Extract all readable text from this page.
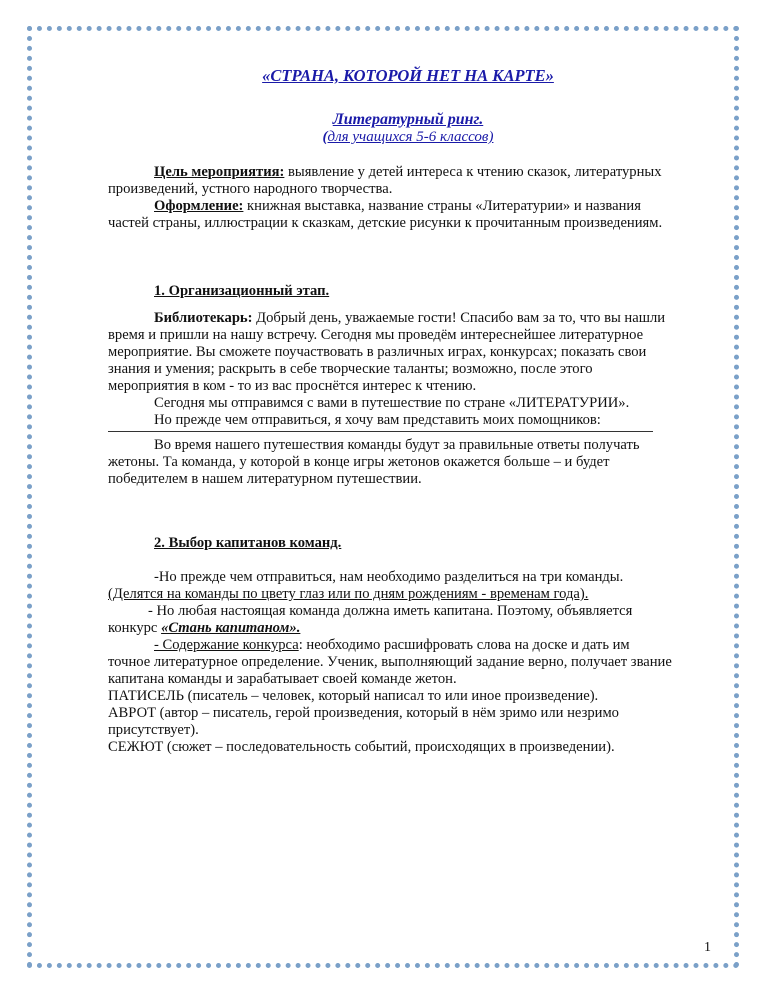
«СТРАНА, КОТОРОЙ НЕТ НА КАРТЕ»
Литературный ринг.
(для учащихся 5-6 классов)
Цель мероприятия: выявление у детей интереса к чтению сказок, литературных
произведений, устного народного творчества.
Оформление: книжная выставка, название страны «Литературии» и названия
частей страны, иллюстрации к сказкам, детские рисунки к прочитанным произведениям.
1. Организационный этап.
Библиотекарь: Добрый день, уважаемые гости! Спасибо вам за то, что вы нашли
время и пришли на нашу встречу. Сегодня мы проведём интереснейшее литературное
мероприятие. Вы сможете поучаствовать в различных играх, конкурсах; показать свои
знания и умения; раскрыть в себе творческие таланты; возможно, после этого
мероприятия в ком - то из вас проснётся интерес к чтению.
Сегодня мы отправимся с вами в путешествие по стране «ЛИТЕРАТУРИИ».
Но прежде чем отправиться, я хочу вам представить моих помощников:
Во время нашего путешествия команды будут за правильные ответы получать
жетоны. Та команда, у которой в конце игры жетонов окажется больше – и будет
победителем в нашем литературном путешествии.
2. Выбор капитанов команд.
-Но прежде чем отправиться, нам необходимо разделиться на три команды.
(Делятся на команды по цвету глаз или по дням рождениям - временам года).
- Но любая настоящая команда должна иметь капитана. Поэтому, объявляется
конкурс «Стань капитаном».
- Содержание конкурса: необходимо расшифровать слова на доске и дать им
точное литературное определение. Ученик, выполняющий задание верно, получает звание
капитана команды и зарабатывает своей команде жетон.
ПАТИСЕЛЬ (писатель – человек, который написал то или иное произведение).
АВРОТ (автор – писатель, герой произведения, который в нём зримо или незримо
присутствует).
СЕЖЮТ (сюжет – последовательность событий, происходящих в произведении).
1
